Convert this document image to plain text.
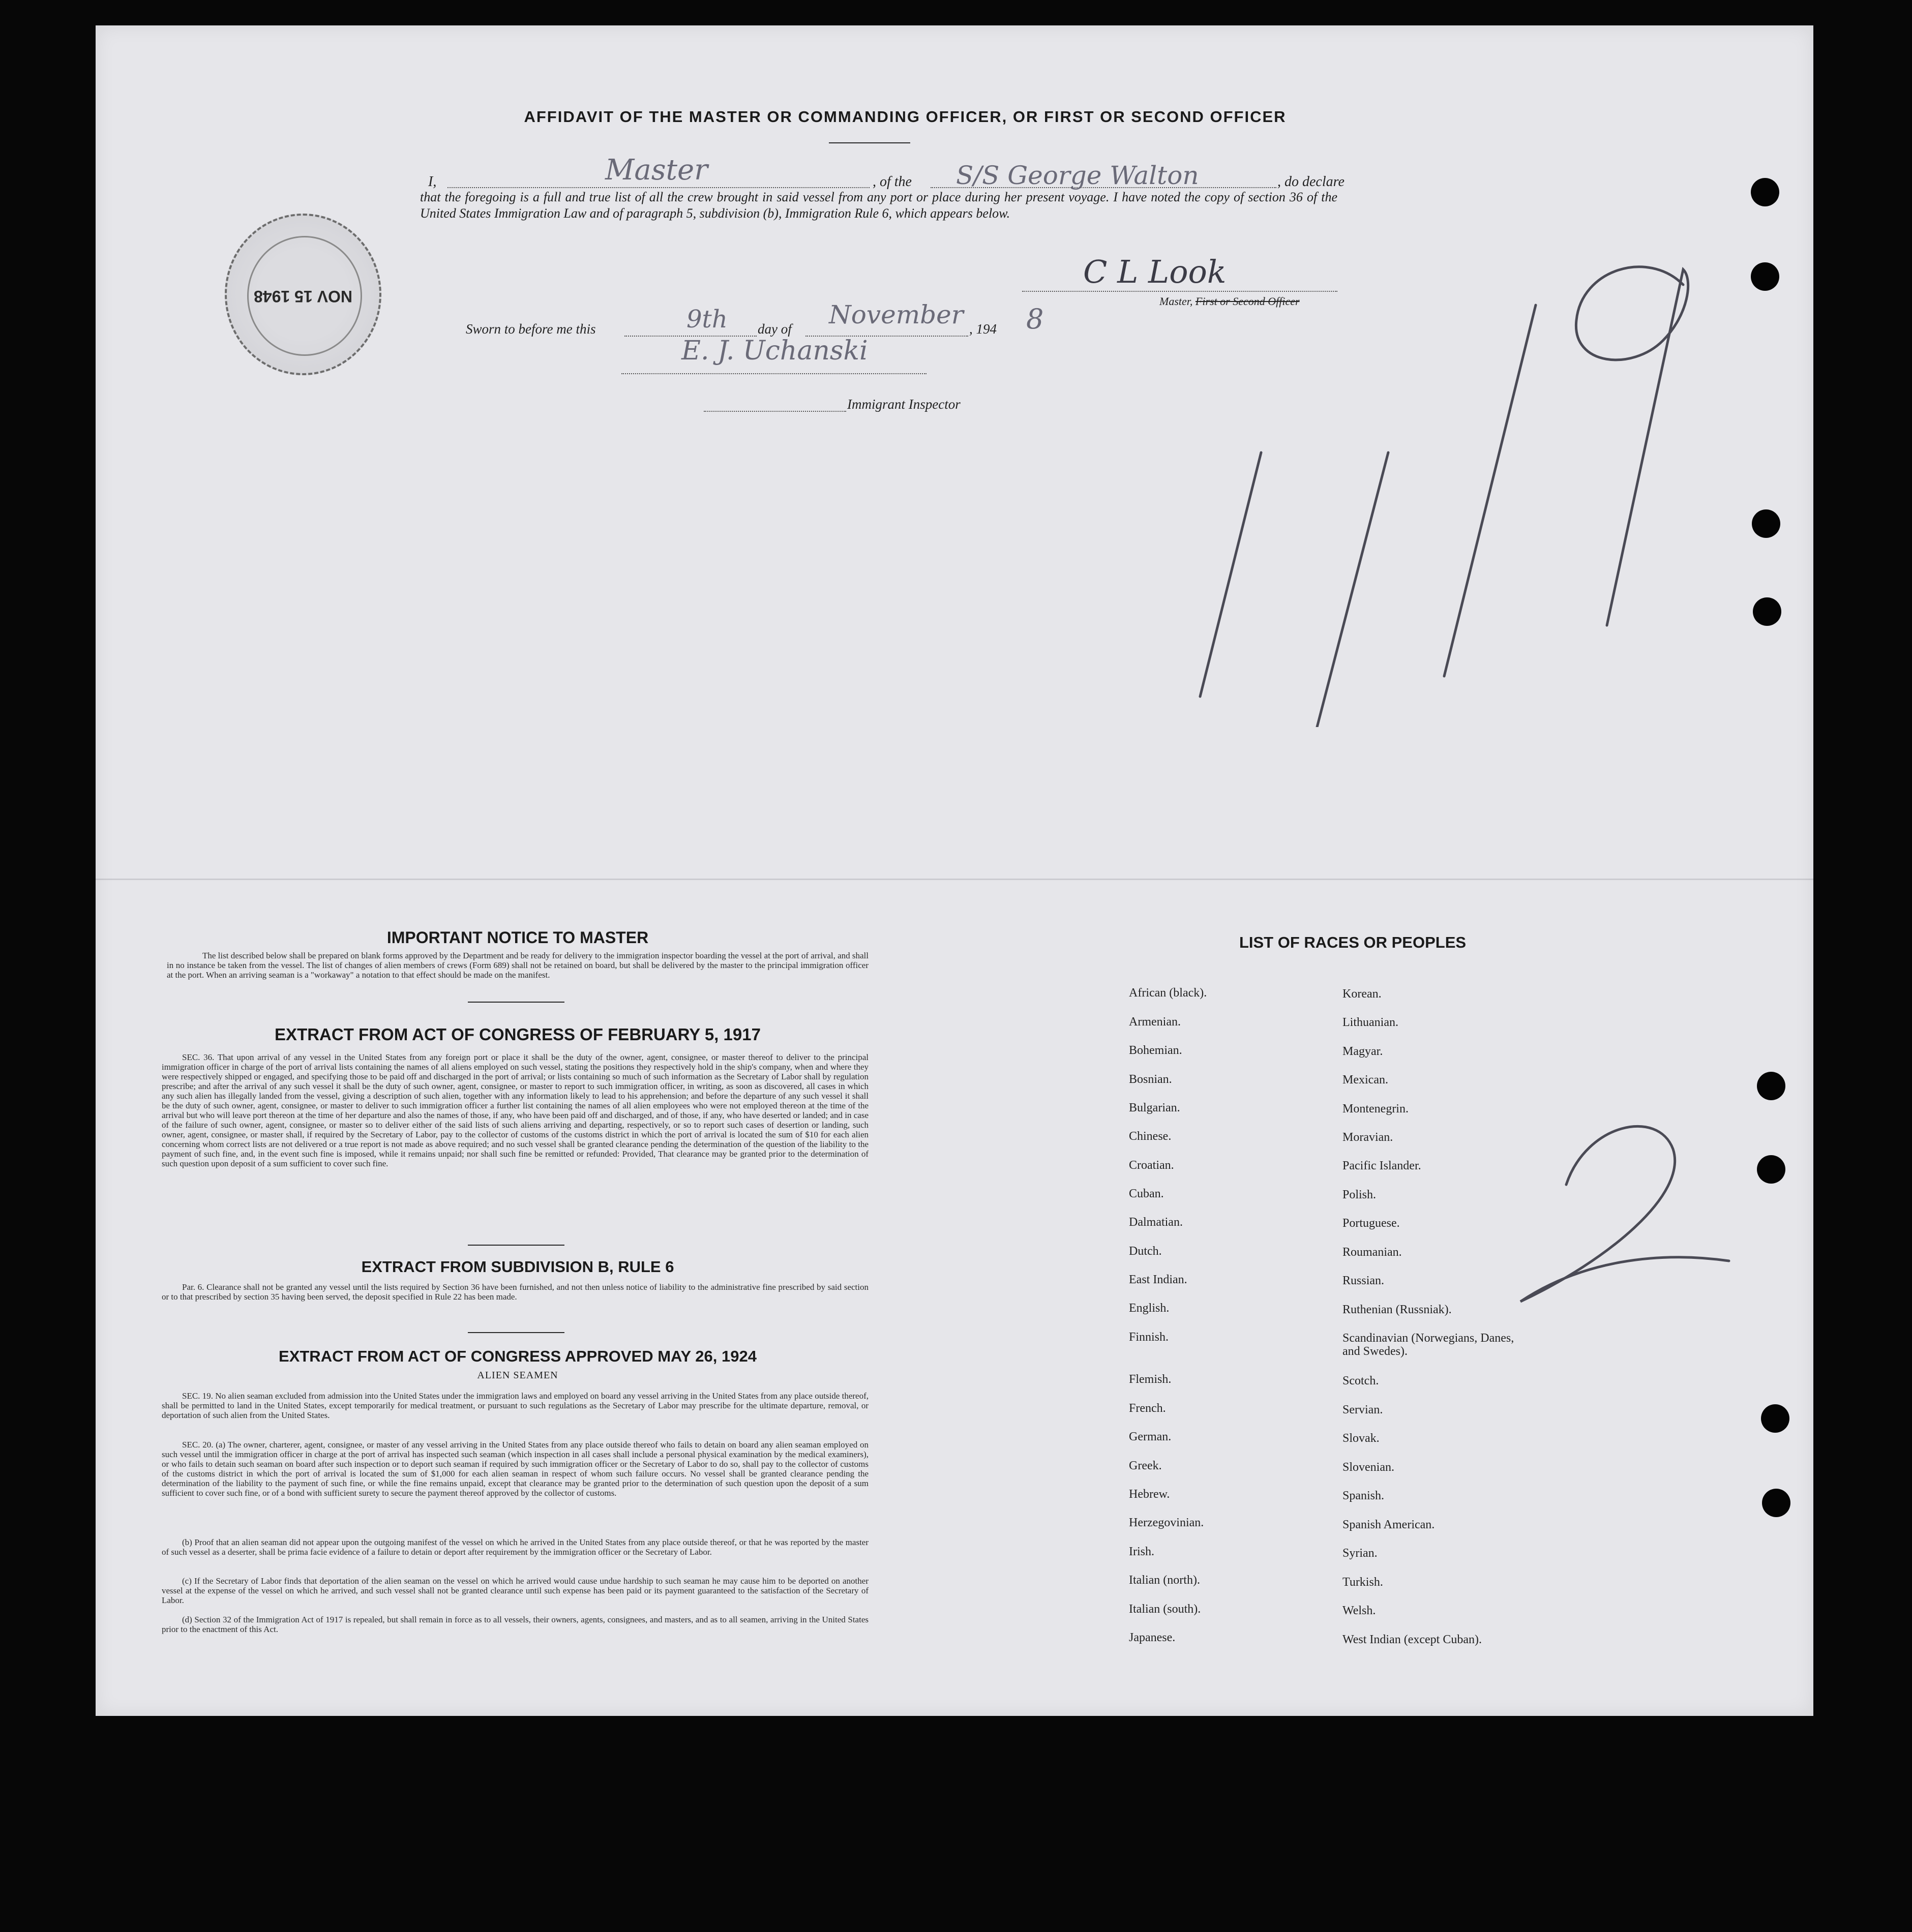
AFFIDAVIT OF THE MASTER OR COMMANDING OFFICER, OR FIRST OR SECOND OFFICER
I,	Master	, of the S/S George Walton	, do declare
that the foregoing is a full and true list of all the crew brought in said vessel from any port or place during her present voyage. I have noted the copy of section 36 of the United States Immigration Law and of paragraph 5, subdivision (b), Immigration Rule 6, which appears below.
NOV 15 1948
C L Look
Master, First or Second Officer
Sworn to before me this	9th day of November , 194 8
E. J. Uchanski
Immigrant Inspector
IMPORTANT NOTICE TO MASTER
The list described below shall be prepared on blank forms approved by the Department and be ready for delivery to the immigration inspector boarding the vessel at the port of arrival, and shall in no instance be taken from the vessel. The list of changes of alien members of crews (Form 689) shall not be retained on board, but shall be delivered by the master to the principal immigration officer at the port. When an arriving seaman is a "workaway" a notation to that effect should be made on the manifest.
EXTRACT FROM ACT OF CONGRESS OF FEBRUARY 5, 1917
SEC. 36. That upon arrival of any vessel in the United States from any foreign port or place it shall be the duty of the owner, agent, consignee, or master thereof to deliver to the principal immigration officer in charge of the port of arrival lists containing the names of all aliens employed on such vessel, stating the positions they respectively hold in the ship's company, when and where they were respectively shipped or engaged, and specifying those to be paid off and discharged in the port of arrival; or lists containing so much of such information as the Secretary of Labor shall by regulation prescribe; and after the arrival of any such vessel it shall be the duty of such owner, agent, consignee, or master to report to such immigration officer, in writing, as soon as discovered, all cases in which any such alien has illegally landed from the vessel, giving a description of such alien, together with any information likely to lead to his apprehension; and before the departure of any such vessel it shall be the duty of such owner, agent, consignee, or master to deliver to such immigration officer a further list containing the names of all alien employees who were not employed thereon at the time of the arrival but who will leave port thereon at the time of her departure and also the names of those, if any, who have been paid off and discharged, and of those, if any, who have deserted or landed; and in case of the failure of such owner, agent, consignee, or master so to deliver either of the said lists of such aliens arriving and departing, respectively, or so to report such cases of desertion or landing, such owner, agent, consignee, or master shall, if required by the Secretary of Labor, pay to the collector of customs of the customs district in which the port of arrival is located the sum of $10 for each alien concerning whom correct lists are not delivered or a true report is not made as above required; and no such vessel shall be granted clearance pending the determination of the question of the liability to the payment of such fine, and, in the event such fine is imposed, while it remains unpaid; nor shall such fine be remitted or refunded: Provided, That clearance may be granted prior to the determination of such question upon deposit of a sum sufficient to cover such fine.
EXTRACT FROM SUBDIVISION B, RULE 6
Par. 6. Clearance shall not be granted any vessel until the lists required by Section 36 have been furnished, and not then unless notice of liability to the administrative fine prescribed by said section or to that prescribed by section 35 having been served, the deposit specified in Rule 22 has been made.
EXTRACT FROM ACT OF CONGRESS APPROVED MAY 26, 1924
ALIEN SEAMEN
SEC. 19. No alien seaman excluded from admission into the United States under the immigration laws and employed on board any vessel arriving in the United States from any place outside thereof, shall be permitted to land in the United States, except temporarily for medical treatment, or pursuant to such regulations as the Secretary of Labor may prescribe for the ultimate departure, removal, or deportation of such alien from the United States.
SEC. 20. (a) The owner, charterer, agent, consignee, or master of any vessel arriving in the United States from any place outside thereof who fails to detain on board any alien seaman employed on such vessel until the immigration officer in charge at the port of arrival has inspected such seaman (which inspection in all cases shall include a personal physical examination by the medical examiners), or who fails to detain such seaman on board after such inspection or to deport such seaman if required by such immigration officer or the Secretary of Labor to do so, shall pay to the collector of customs of the customs district in which the port of arrival is located the sum of $1,000 for each alien seaman in respect of whom such failure occurs. No vessel shall be granted clearance pending the determination of the liability to the payment of such fine, or while the fine remains unpaid, except that clearance may be granted prior to the determination of such question upon the deposit of a sum sufficient to cover such fine, or of a bond with sufficient surety to secure the payment thereof approved by the collector of customs.
(b) Proof that an alien seaman did not appear upon the outgoing manifest of the vessel on which he arrived in the United States from any place outside thereof, or that he was reported by the master of such vessel as a deserter, shall be prima facie evidence of a failure to detain or deport after requirement by the immigration officer or the Secretary of Labor.
(c) If the Secretary of Labor finds that deportation of the alien seaman on the vessel on which he arrived would cause undue hardship to such seaman he may cause him to be deported on another vessel at the expense of the vessel on which he arrived, and such vessel shall not be granted clearance until such expense has been paid or its payment guaranteed to the satisfaction of the Secretary of Labor.
(d) Section 32 of the Immigration Act of 1917 is repealed, but shall remain in force as to all vessels, their owners, agents, consignees, and masters, and as to all seamen, arriving in the United States prior to the enactment of this Act.
LIST OF RACES OR PEOPLES
African (black).
Armenian.
Bohemian.
Bosnian.
Bulgarian.
Chinese.
Croatian.
Cuban.
Dalmatian.
Dutch.
East Indian.
English.
Finnish.
Flemish.
French.
German.
Greek.
Hebrew.
Herzegovinian.
Irish.
Italian (north).
Italian (south).
Japanese.
Korean.
Lithuanian.
Magyar.
Mexican.
Montenegrin.
Moravian.
Pacific Islander.
Polish.
Portuguese.
Roumanian.
Russian.
Ruthenian (Russniak).
Scandinavian (Norwegians, Danes, and Swedes).
Scotch.
Servian.
Slovak.
Slovenian.
Spanish.
Spanish American.
Syrian.
Turkish.
Welsh.
West Indian (except Cuban).
